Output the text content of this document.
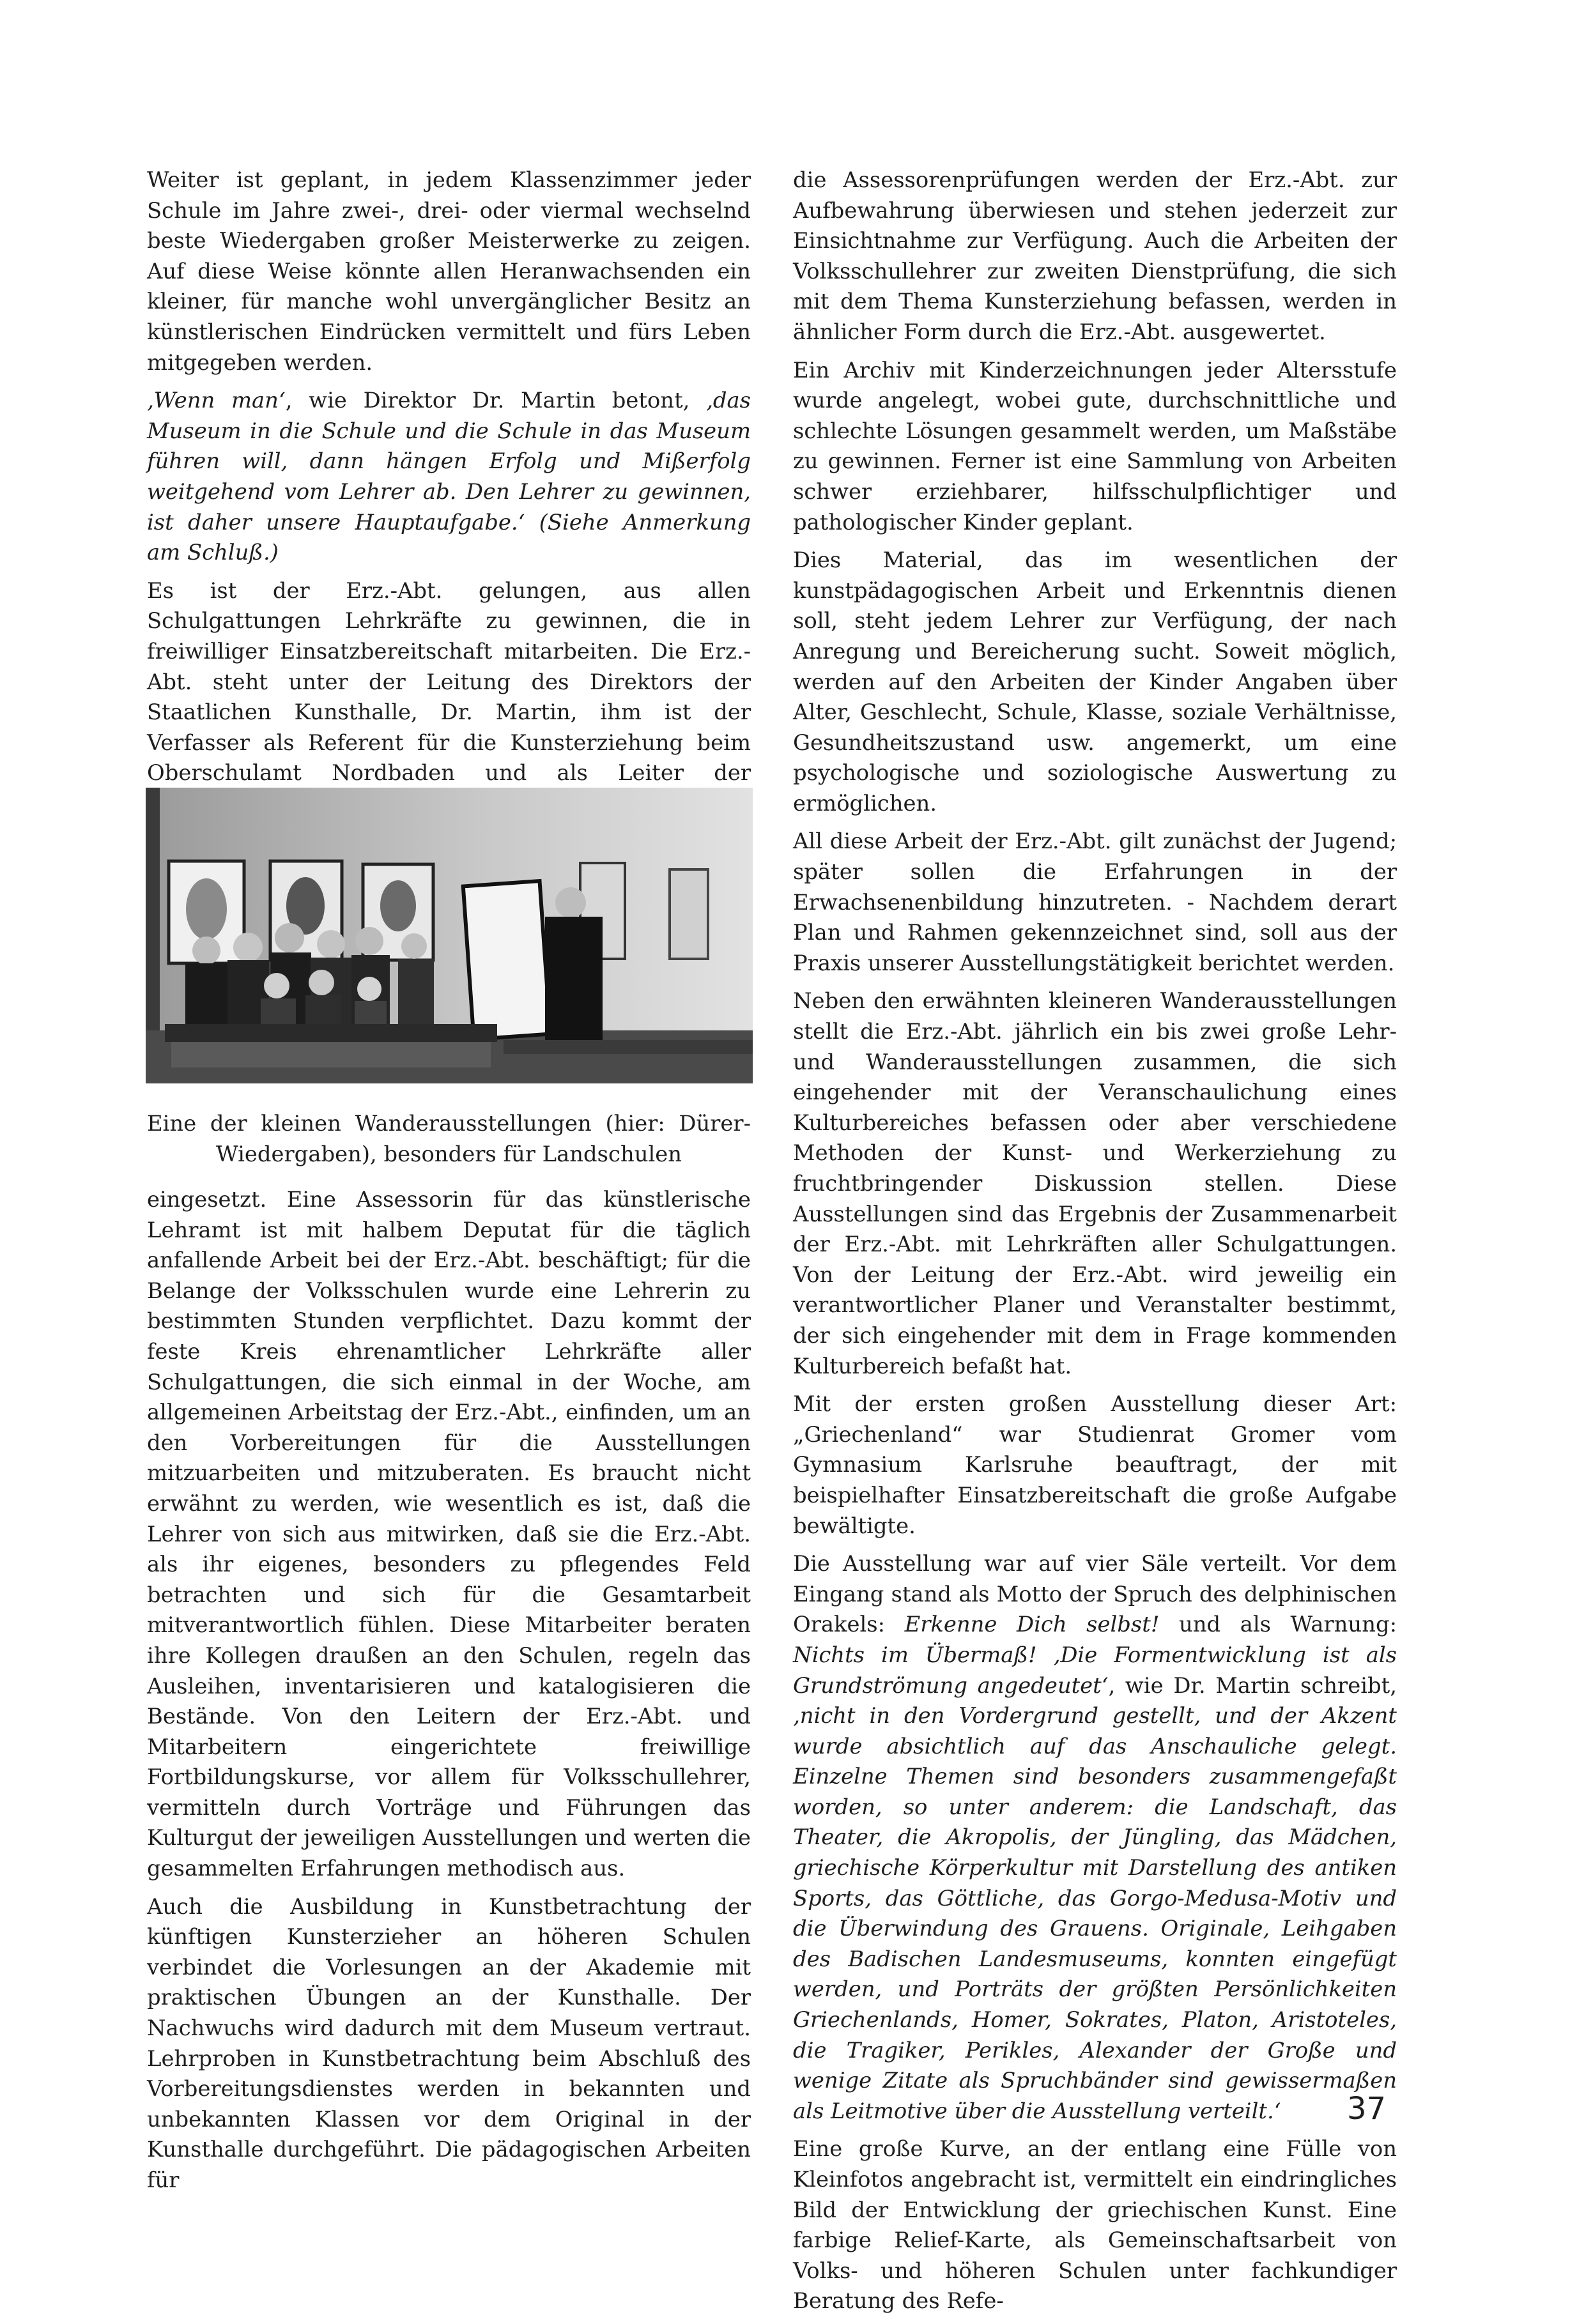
Weiter ist geplant, in jedem Klassenzimmer jeder Schule im Jahre zwei-, drei- oder viermal wechselnd beste Wiedergaben großer Meisterwerke zu zeigen. Auf diese Weise könnte allen Heranwachsenden ein kleiner, für manche wohl unvergänglicher Besitz an künstlerischen Eindrücken vermittelt und fürs Leben mitgegeben werden.

‚Wenn man‘, wie Direktor Dr. Martin betont, ‚das Museum in die Schule und die Schule in das Museum führen will, dann hängen Erfolg und Mißerfolg weitgehend vom Lehrer ab. Den Lehrer zu gewinnen, ist daher unsere Hauptaufgabe.‘ (Siehe Anmerkung am Schluß.)

Es ist der Erz.-Abt. gelungen, aus allen Schulgattungen Lehrkräfte zu gewinnen, die in freiwilliger Einsatzbereitschaft mitarbeiten. Die Erz.-Abt. steht unter der Leitung des Direktors der Staatlichen Kunsthalle, Dr. Martin, ihm ist der Verfasser als Referent für die Kunsterziehung beim Oberschulamt Nordbaden und als Leiter der

Eine der kleinen Wanderausstellungen (hier: Dürer-
Wiedergaben), besonders für Landschulen

eingesetzt. Eine Assessorin für das künstlerische Lehramt ist mit halbem Deputat für die täglich anfallende Arbeit bei der Erz.-Abt. beschäftigt; für die Belange der Volksschulen wurde eine Lehrerin zu bestimmten Stunden verpflichtet. Dazu kommt der feste Kreis ehrenamtlicher Lehrkräfte aller Schulgattungen, die sich einmal in der Woche, am allgemeinen Arbeitstag der Erz.-Abt., einfinden, um an den Vorbereitungen für die Ausstellungen mitzuarbeiten und mitzuberaten. Es braucht nicht erwähnt zu werden, wie wesentlich es ist, daß die Lehrer von sich aus mitwirken, daß sie die Erz.-Abt. als ihr eigenes, besonders zu pflegendes Feld betrachten und sich für die Gesamtarbeit mitverantwortlich fühlen. Diese Mitarbeiter beraten ihre Kollegen draußen an den Schulen, regeln das Ausleihen, inventarisieren und katalogisieren die Bestände. Von den Leitern der Erz.-Abt. und Mitarbeitern eingerichtete freiwillige Fortbildungskurse, vor allem für Volksschullehrer, vermitteln durch Vorträge und Führungen das Kulturgut der jeweiligen Ausstellungen und werten die gesammelten Erfahrungen methodisch aus.

Auch die Ausbildung in Kunstbetrachtung der künftigen Kunsterzieher an höheren Schulen verbindet die Vorlesungen an der Akademie mit praktischen Übungen an der Kunsthalle. Der Nachwuchs wird dadurch mit dem Museum vertraut. Lehrproben in Kunstbetrachtung beim Abschluß des Vorbereitungsdienstes werden in bekannten und unbekannten Klassen vor dem Original in der Kunsthalle durchgeführt. Die pädagogischen Arbeiten für

die Assessorenprüfungen werden der Erz.-Abt. zur Aufbewahrung überwiesen und stehen jederzeit zur Einsichtnahme zur Verfügung. Auch die Arbeiten der Volksschullehrer zur zweiten Dienstprüfung, die sich mit dem Thema Kunsterziehung befassen, werden in ähnlicher Form durch die Erz.-Abt. ausgewertet.

Ein Archiv mit Kinderzeichnungen jeder Altersstufe wurde angelegt, wobei gute, durchschnittliche und schlechte Lösungen gesammelt werden, um Maßstäbe zu gewinnen. Ferner ist eine Sammlung von Arbeiten schwer erziehbarer, hilfsschulpflichtiger und pathologischer Kinder geplant.

Dies Material, das im wesentlichen der kunstpädagogischen Arbeit und Erkenntnis dienen soll, steht jedem Lehrer zur Verfügung, der nach Anregung und Bereicherung sucht. Soweit möglich, werden auf den Arbeiten der Kinder Angaben über Alter, Geschlecht, Schule, Klasse, soziale Verhältnisse, Gesundheitszustand usw. angemerkt, um eine psychologische und soziologische Auswertung zu ermöglichen.

All diese Arbeit der Erz.-Abt. gilt zunächst der Jugend; später sollen die Erfahrungen in der Erwachsenenbildung hinzutreten. - Nachdem derart Plan und Rahmen gekennzeichnet sind, soll aus der Praxis unserer Ausstellungstätigkeit berichtet werden.

Neben den erwähnten kleineren Wanderausstellungen stellt die Erz.-Abt. jährlich ein bis zwei große Lehr- und Wanderausstellungen zusammen, die sich eingehender mit der Veranschaulichung eines Kulturbereiches befassen oder aber verschiedene Methoden der Kunst- und Werkerziehung zu fruchtbringender Diskussion stellen. Diese Ausstellungen sind das Ergebnis der Zusammenarbeit der Erz.-Abt. mit Lehrkräften aller Schulgattungen. Von der Leitung der Erz.-Abt. wird jeweilig ein verantwortlicher Planer und Veranstalter bestimmt, der sich eingehender mit dem in Frage kommenden Kulturbereich befaßt hat.

Mit der ersten großen Ausstellung dieser Art: „Griechenland“ war Studienrat Gromer vom Gymnasium Karlsruhe beauftragt, der mit beispielhafter Einsatzbereitschaft die große Aufgabe bewältigte.

Die Ausstellung war auf vier Säle verteilt. Vor dem Eingang stand als Motto der Spruch des delphinischen Orakels: Erkenne Dich selbst! und als Warnung: Nichts im Übermaß! ‚Die Formentwicklung ist als Grundströmung angedeutet‘, wie Dr. Martin schreibt, ‚nicht in den Vordergrund gestellt, und der Akzent wurde absichtlich auf das Anschauliche gelegt. Einzelne Themen sind besonders zusammengefaßt worden, so unter anderem: die Landschaft, das Theater, die Akropolis, der Jüngling, das Mädchen, griechische Körperkultur mit Darstellung des antiken Sports, das Göttliche, das Gorgo-Medusa-Motiv und die Überwindung des Grauens. Originale, Leihgaben des Badischen Landesmuseums, konnten eingefügt werden, und Porträts der größten Persönlichkeiten Griechenlands, Homer, Sokrates, Platon, Aristoteles, die Tragiker, Perikles, Alexander der Große und wenige Zitate als Spruchbänder sind gewissermaßen als Leitmotive über die Ausstellung verteilt.‘

Eine große Kurve, an der entlang eine Fülle von Kleinfotos angebracht ist, vermittelt ein eindringliches Bild der Entwicklung der griechischen Kunst. Eine farbige Relief-Karte, als Gemeinschaftsarbeit von Volks- und höheren Schulen unter fachkundiger Beratung des Refe-

37
